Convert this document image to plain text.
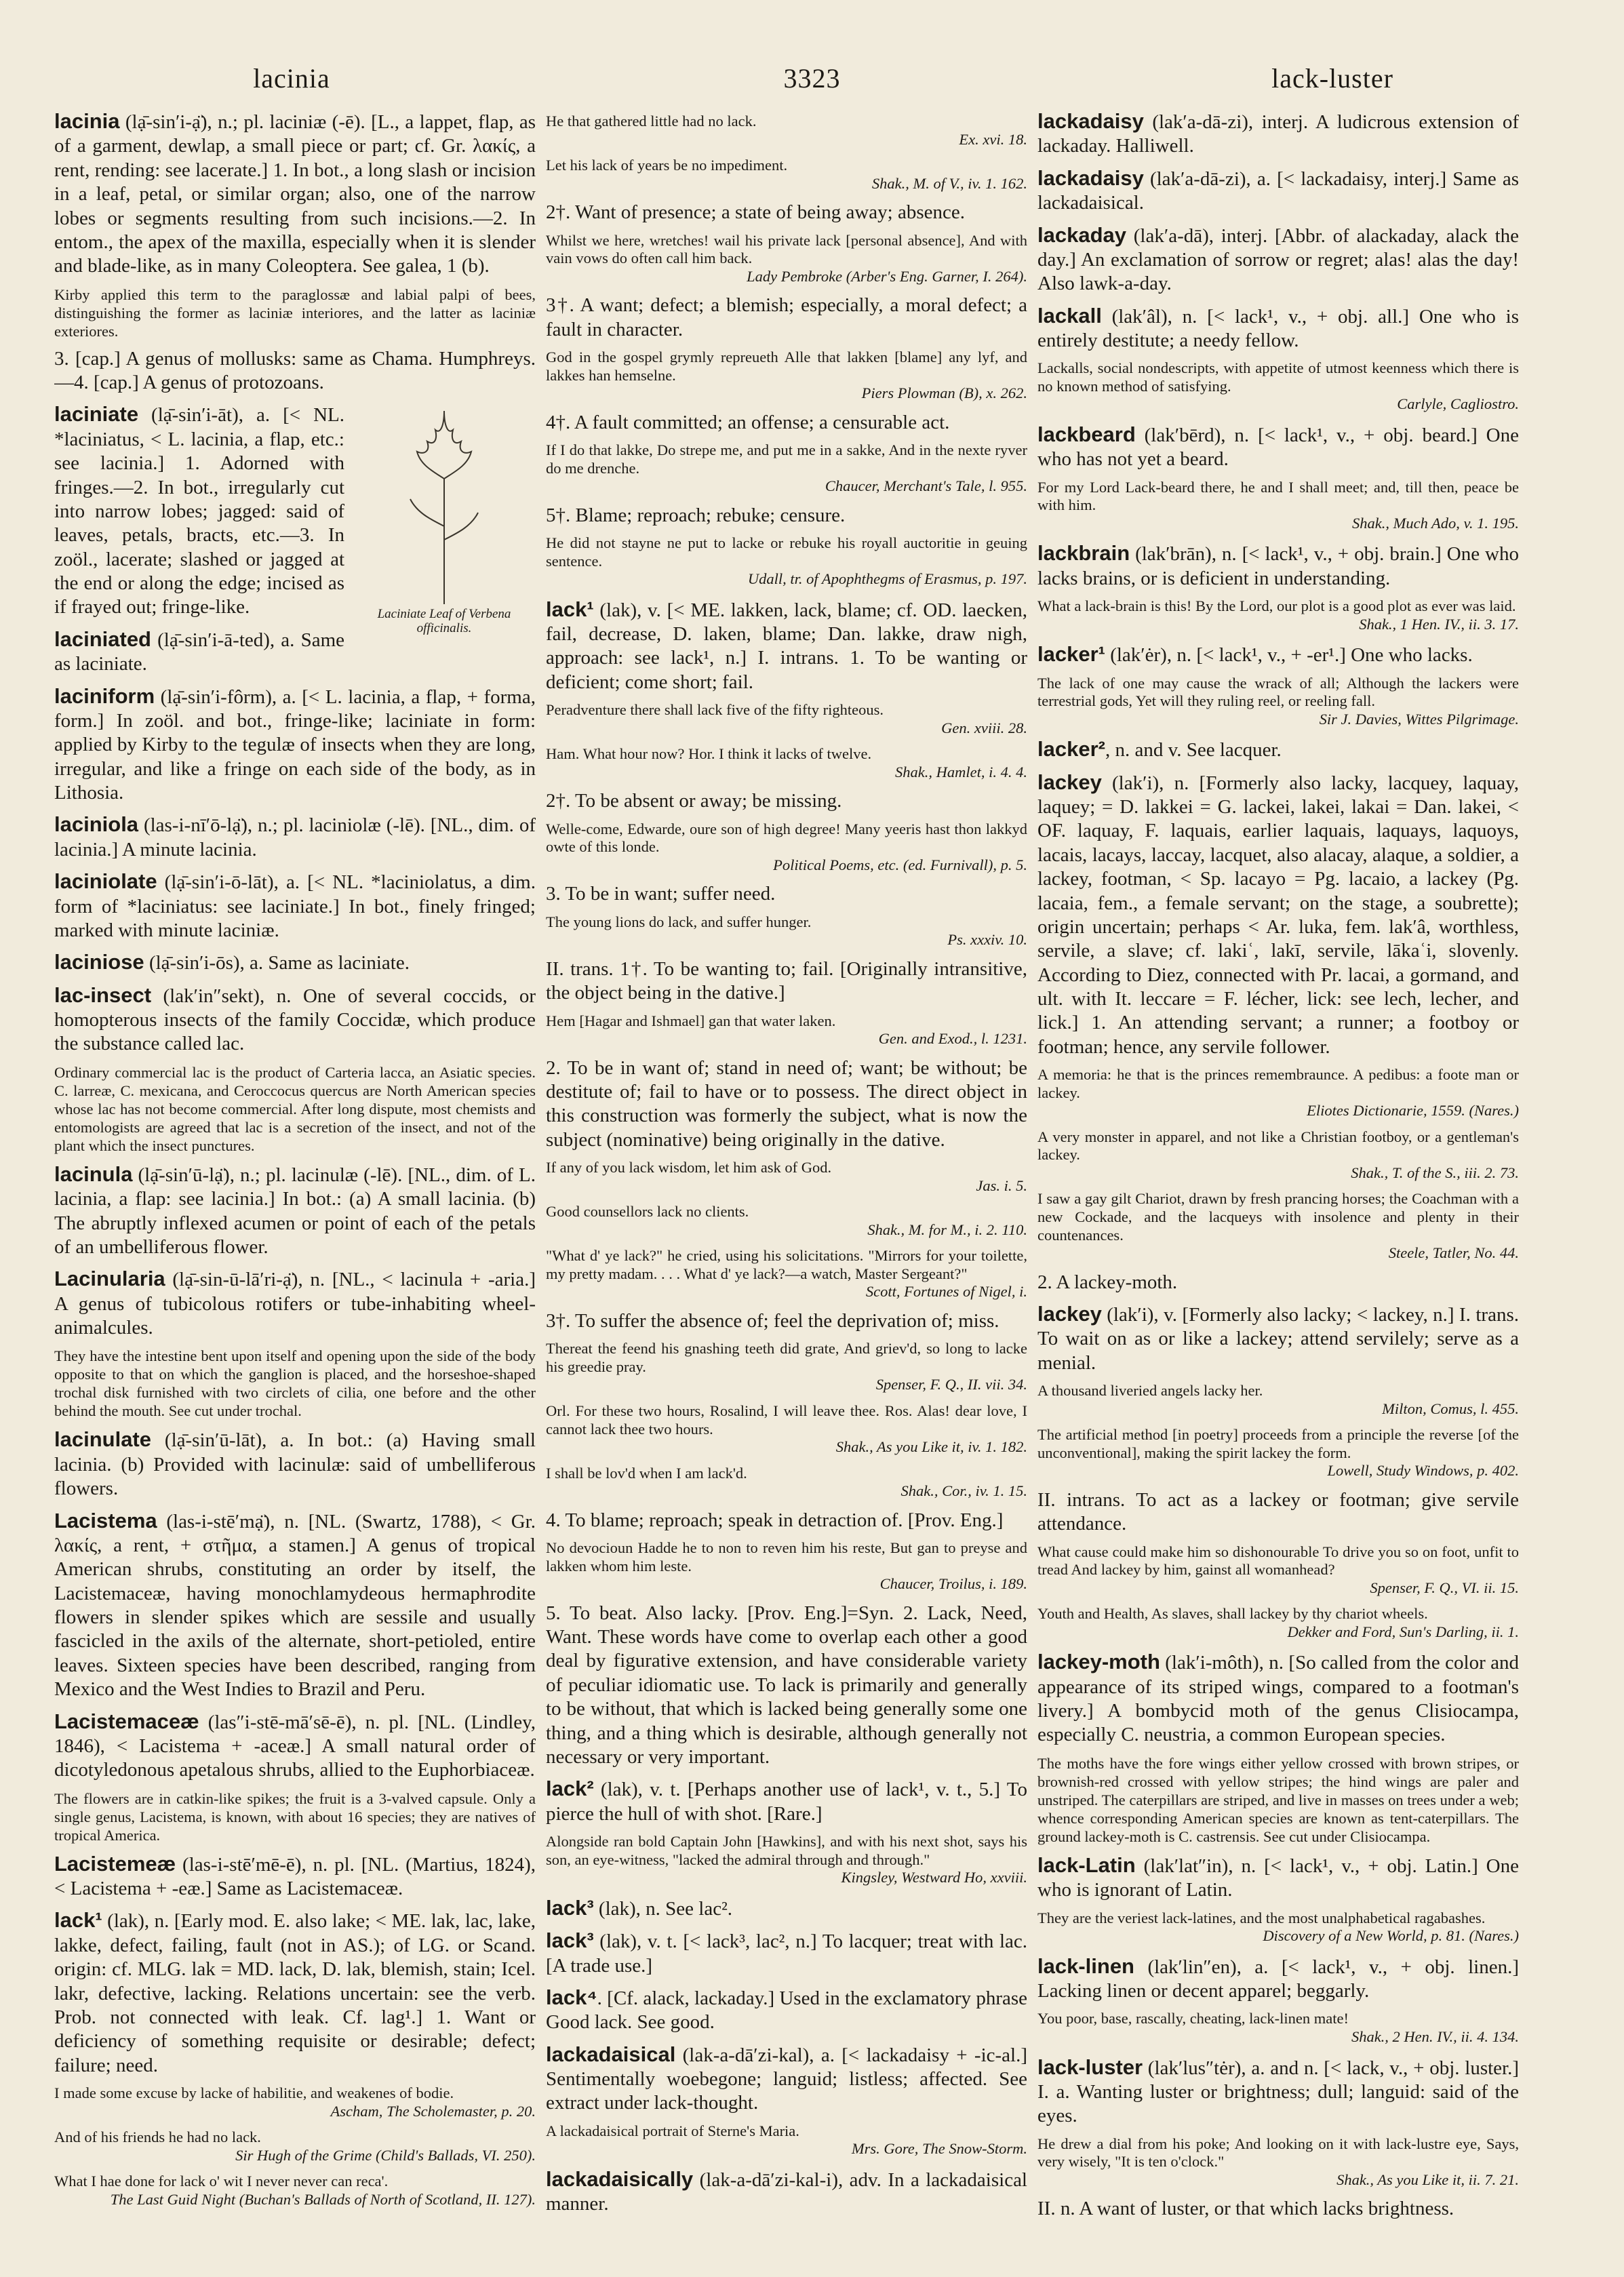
lacinia	3323	lack-luster
lacinia (lạ̄-sin′i-ạ̈), n.; pl. laciniæ (-ē). [L., a lappet, flap, as of a garment, dewlap, a small piece or part; cf. Gr. λακίς, a rent, rending: see lacerate.] 1. In bot., a long slash or incision in a leaf, petal, or similar organ; also, one of the narrow lobes or segments resulting from such incisions.—2. In entom., the apex of the maxilla, especially when it is slender and blade-like, as in many Coleoptera. See galea, 1 (b).
Kirby applied this term to the paraglossæ and labial palpi of bees, distinguishing the former as laciniæ interiores, and the latter as laciniæ exteriores.
3. [cap.] A genus of mollusks: same as Chama. Humphreys.—4. [cap.] A genus of protozoans.
Laciniate Leaf of Verbena officinalis.
laciniate (lạ̄-sin′i-āt), a. [< NL. *laciniatus, < L. lacinia, a flap, etc.: see lacinia.] 1. Adorned with fringes.—2. In bot., irregularly cut into narrow lobes; jagged: said of leaves, petals, bracts, etc.—3. In zoöl., lacerate; slashed or jagged at the end or along the edge; incised as if frayed out; fringe-like.
laciniated (lạ̄-sin′i-ā-ted), a. Same as laciniate.
laciniform (lạ̄-sin′i-fôrm), a. [< L. lacinia, a flap, + forma, form.] In zoöl. and bot., fringe-like; laciniate in form: applied by Kirby to the tegulæ of insects when they are long, irregular, and like a fringe on each side of the body, as in Lithosia.
laciniola (las-i-nī′ō-lạ̈), n.; pl. laciniolæ (-lē). [NL., dim. of lacinia.] A minute lacinia.
laciniolate (lạ̄-sin′i-ō-lāt), a. [< NL. *laciniolatus, a dim. form of *laciniatus: see laciniate.] In bot., finely fringed; marked with minute laciniæ.
laciniose (lạ̄-sin′i-ōs), a. Same as laciniate.
lac-insect (lak′in″sekt), n. One of several coccids, or homopterous insects of the family Coccidæ, which produce the substance called lac.
Ordinary commercial lac is the product of Carteria lacca, an Asiatic species. C. larreæ, C. mexicana, and Ceroccocus quercus are North American species whose lac has not become commercial. After long dispute, most chemists and entomologists are agreed that lac is a secretion of the insect, and not of the plant which the insect punctures.
lacinula (lạ̄-sin′ū-lạ̈), n.; pl. lacinulæ (-lē). [NL., dim. of L. lacinia, a flap: see lacinia.] In bot.: (a) A small lacinia. (b) The abruptly inflexed acumen or point of each of the petals of an umbelliferous flower.
Lacinularia (lạ̄-sin-ū-lā′ri-ạ̈), n. [NL., < lacinula + -aria.] A genus of tubicolous rotifers or tube-inhabiting wheel-animalcules.
They have the intestine bent upon itself and opening upon the side of the body opposite to that on which the ganglion is placed, and the horseshoe-shaped trochal disk furnished with two circlets of cilia, one before and the other behind the mouth. See cut under trochal.
lacinulate (lạ̄-sin′ū-lāt), a. In bot.: (a) Having small lacinia. (b) Provided with lacinulæ: said of umbelliferous flowers.
Lacistema (las-i-stē′mạ̈), n. [NL. (Swartz, 1788), < Gr. λακίς, a rent, + στῆμα, a stamen.] A genus of tropical American shrubs, constituting an order by itself, the Lacistemaceæ, having monochlamydeous hermaphrodite flowers in slender spikes which are sessile and usually fascicled in the axils of the alternate, short-petioled, entire leaves. Sixteen species have been described, ranging from Mexico and the West Indies to Brazil and Peru.
Lacistemaceæ (las″i-stē-mā′sē-ē), n. pl. [NL. (Lindley, 1846), < Lacistema + -aceæ.] A small natural order of dicotyledonous apetalous shrubs, allied to the Euphorbiaceæ.
The flowers are in catkin-like spikes; the fruit is a 3-valved capsule. Only a single genus, Lacistema, is known, with about 16 species; they are natives of tropical America.
Lacistemeæ (las-i-stē′mē-ē), n. pl. [NL. (Martius, 1824), < Lacistema + -eæ.] Same as Lacistemaceæ.
lack¹ (lak), n. [Early mod. E. also lake; < ME. lak, lac, lake, lakke, defect, failing, fault (not in AS.); of LG. or Scand. origin: cf. MLG. lak = MD. lack, D. lak, blemish, stain; Icel. lakr, defective, lacking. Relations uncertain: see the verb. Prob. not connected with leak. Cf. lag¹.] 1. Want or deficiency of something requisite or desirable; defect; failure; need.
I made some excuse by lacke of habilitie, and weakenes of bodie.
Ascham, The Scholemaster, p. 20.
And of his friends he had no lack.
Sir Hugh of the Grime (Child's Ballads, VI. 250).
What I hae done for lack o' wit I never never can reca'.
The Last Guid Night (Buchan's Ballads of North of Scotland, II. 127).
He that gathered little had no lack.
Ex. xvi. 18.
Let his lack of years be no impediment.
Shak., M. of V., iv. 1. 162.
2†. Want of presence; a state of being away; absence.
Whilst we here, wretches! wail his private lack [personal absence], And with vain vows do often call him back.
Lady Pembroke (Arber's Eng. Garner, I. 264).
3†. A want; defect; a blemish; especially, a moral defect; a fault in character.
God in the gospel grymly repreueth Alle that lakken [blame] any lyf, and lakkes han hemselne.
Piers Plowman (B), x. 262.
4†. A fault committed; an offense; a censurable act.
If I do that lakke, Do strepe me, and put me in a sakke, And in the nexte ryver do me drenche.
Chaucer, Merchant's Tale, l. 955.
5†. Blame; reproach; rebuke; censure.
He did not stayne ne put to lacke or rebuke his royall auctoritie in geuing sentence.
Udall, tr. of Apophthegms of Erasmus, p. 197.
lack¹ (lak), v. [< ME. lakken, lack, blame; cf. OD. laecken, fail, decrease, D. laken, blame; Dan. lakke, draw nigh, approach: see lack¹, n.] I. intrans. 1. To be wanting or deficient; come short; fail.
Peradventure there shall lack five of the fifty righteous.
Gen. xviii. 28.
Ham. What hour now? Hor. I think it lacks of twelve.
Shak., Hamlet, i. 4. 4.
2†. To be absent or away; be missing.
Welle-come, Edwarde, oure son of high degree! Many yeeris hast thon lakkyd owte of this londe.
Political Poems, etc. (ed. Furnivall), p. 5.
3. To be in want; suffer need.
The young lions do lack, and suffer hunger.
Ps. xxxiv. 10.
II. trans. 1†. To be wanting to; fail. [Originally intransitive, the object being in the dative.]
Hem [Hagar and Ishmael] gan that water laken.
Gen. and Exod., l. 1231.
2. To be in want of; stand in need of; want; be without; be destitute of; fail to have or to possess. The direct object in this construction was formerly the subject, what is now the subject (nominative) being originally in the dative.
If any of you lack wisdom, let him ask of God.
Jas. i. 5.
Good counsellors lack no clients.
Shak., M. for M., i. 2. 110.
"What d' ye lack?" he cried, using his solicitations. "Mirrors for your toilette, my pretty madam. . . . What d' ye lack?—a watch, Master Sergeant?"
Scott, Fortunes of Nigel, i.
3†. To suffer the absence of; feel the deprivation of; miss.
Thereat the feend his gnashing teeth did grate, And griev'd, so long to lacke his greedie pray.
Spenser, F. Q., II. vii. 34.
Orl. For these two hours, Rosalind, I will leave thee. Ros. Alas! dear love, I cannot lack thee two hours.
Shak., As you Like it, iv. 1. 182.
I shall be lov'd when I am lack'd.
Shak., Cor., iv. 1. 15.
4. To blame; reproach; speak in detraction of. [Prov. Eng.]
No devocioun Hadde he to non to reven him his reste, But gan to preyse and lakken whom him leste.
Chaucer, Troilus, i. 189.
5. To beat. Also lacky. [Prov. Eng.]=Syn. 2. Lack, Need, Want. These words have come to overlap each other a good deal by figurative extension, and have considerable variety of peculiar idiomatic use. To lack is primarily and generally to be without, that which is lacked being generally some one thing, and a thing which is desirable, although generally not necessary or very important.
lack² (lak), v. t. [Perhaps another use of lack¹, v. t., 5.] To pierce the hull of with shot. [Rare.]
Alongside ran bold Captain John [Hawkins], and with his next shot, says his son, an eye-witness, "lacked the admiral through and through."
Kingsley, Westward Ho, xxviii.
lack³ (lak), n. See lac².
lack³ (lak), v. t. [< lack³, lac², n.] To lacquer; treat with lac. [A trade use.]
lack⁴. [Cf. alack, lackaday.] Used in the exclamatory phrase Good lack. See good.
lackadaisical (lak-a-dā′zi-kal), a. [< lackadaisy + -ic-al.] Sentimentally woebegone; languid; listless; affected. See extract under lack-thought.
A lackadaisical portrait of Sterne's Maria.
Mrs. Gore, The Snow-Storm.
lackadaisically (lak-a-dā′zi-kal-i), adv. In a lackadaisical manner.
lackadaisy (lak′a-dā-zi), interj. A ludicrous extension of lackaday. Halliwell.
lackadaisy (lak′a-dā-zi), a. [< lackadaisy, interj.] Same as lackadaisical.
lackaday (lak′a-dā), interj. [Abbr. of alackaday, alack the day.] An exclamation of sorrow or regret; alas! alas the day! Also lawk-a-day.
lackall (lak′âl), n. [< lack¹, v., + obj. all.] One who is entirely destitute; a needy fellow.
Lackalls, social nondescripts, with appetite of utmost keenness which there is no known method of satisfying.
Carlyle, Cagliostro.
lackbeard (lak′bērd), n. [< lack¹, v., + obj. beard.] One who has not yet a beard.
For my Lord Lack-beard there, he and I shall meet; and, till then, peace be with him.
Shak., Much Ado, v. 1. 195.
lackbrain (lak′brān), n. [< lack¹, v., + obj. brain.] One who lacks brains, or is deficient in understanding.
What a lack-brain is this! By the Lord, our plot is a good plot as ever was laid.
Shak., 1 Hen. IV., ii. 3. 17.
lacker¹ (lak′ėr), n. [< lack¹, v., + -er¹.] One who lacks.
The lack of one may cause the wrack of all; Although the lackers were terrestrial gods, Yet will they ruling reel, or reeling fall.
Sir J. Davies, Wittes Pilgrimage.
lacker², n. and v. See lacquer.
lackey (lak′i), n. [Formerly also lacky, lacquey, laquay, laquey; = D. lakkei = G. lackei, lakei, lakai = Dan. lakei, < OF. laquay, F. laquais, earlier laquais, laquays, laquoys, lacais, lacays, laccay, lacquet, also alacay, alaque, a soldier, a lackey, footman, < Sp. lacayo = Pg. lacaio, a lackey (Pg. lacaia, fem., a female servant; on the stage, a soubrette); origin uncertain; perhaps < Ar. luka, fem. lak′â, worthless, servile, a slave; cf. lakiʿ, lakī, servile, lākaʿi, slovenly. According to Diez, connected with Pr. lacai, a gormand, and ult. with It. leccare = F. lécher, lick: see lech, lecher, and lick.] 1. An attending servant; a runner; a footboy or footman; hence, any servile follower.
A memoria: he that is the princes remembraunce. A pedibus: a foote man or lackey.
Eliotes Dictionarie, 1559. (Nares.)
A very monster in apparel, and not like a Christian footboy, or a gentleman's lackey.
Shak., T. of the S., iii. 2. 73.
I saw a gay gilt Chariot, drawn by fresh prancing horses; the Coachman with a new Cockade, and the lacqueys with insolence and plenty in their countenances.
Steele, Tatler, No. 44.
2. A lackey-moth.
lackey (lak′i), v. [Formerly also lacky; < lackey, n.] I. trans. To wait on as or like a lackey; attend servilely; serve as a menial.
A thousand liveried angels lacky her.
Milton, Comus, l. 455.
The artificial method [in poetry] proceeds from a principle the reverse [of the unconventional], making the spirit lackey the form.
Lowell, Study Windows, p. 402.
II. intrans. To act as a lackey or footman; give servile attendance.
What cause could make him so dishonourable To drive you so on foot, unfit to tread And lackey by him, gainst all womanhead?
Spenser, F. Q., VI. ii. 15.
Youth and Health, As slaves, shall lackey by thy chariot wheels.
Dekker and Ford, Sun's Darling, ii. 1.
lackey-moth (lak′i-môth), n. [So called from the color and appearance of its striped wings, compared to a footman's livery.] A bombycid moth of the genus Clisiocampa, especially C. neustria, a common European species.
The moths have the fore wings either yellow crossed with brown stripes, or brownish-red crossed with yellow stripes; the hind wings are paler and unstriped. The caterpillars are striped, and live in masses on trees under a web; whence corresponding American species are known as tent-caterpillars. The ground lackey-moth is C. castrensis. See cut under Clisiocampa.
lack-Latin (lak′lat″in), n. [< lack¹, v., + obj. Latin.] One who is ignorant of Latin.
They are the veriest lack-latines, and the most unalphabetical ragabashes.
Discovery of a New World, p. 81. (Nares.)
lack-linen (lak′lin″en), a. [< lack¹, v., + obj. linen.] Lacking linen or decent apparel; beggarly.
You poor, base, rascally, cheating, lack-linen mate!
Shak., 2 Hen. IV., ii. 4. 134.
lack-luster (lak′lus″tėr), a. and n. [< lack, v., + obj. luster.] I. a. Wanting luster or brightness; dull; languid: said of the eyes.
He drew a dial from his poke; And looking on it with lack-lustre eye, Says, very wisely, "It is ten o'clock."
Shak., As you Like it, ii. 7. 21.
II. n. A want of luster, or that which lacks brightness.
